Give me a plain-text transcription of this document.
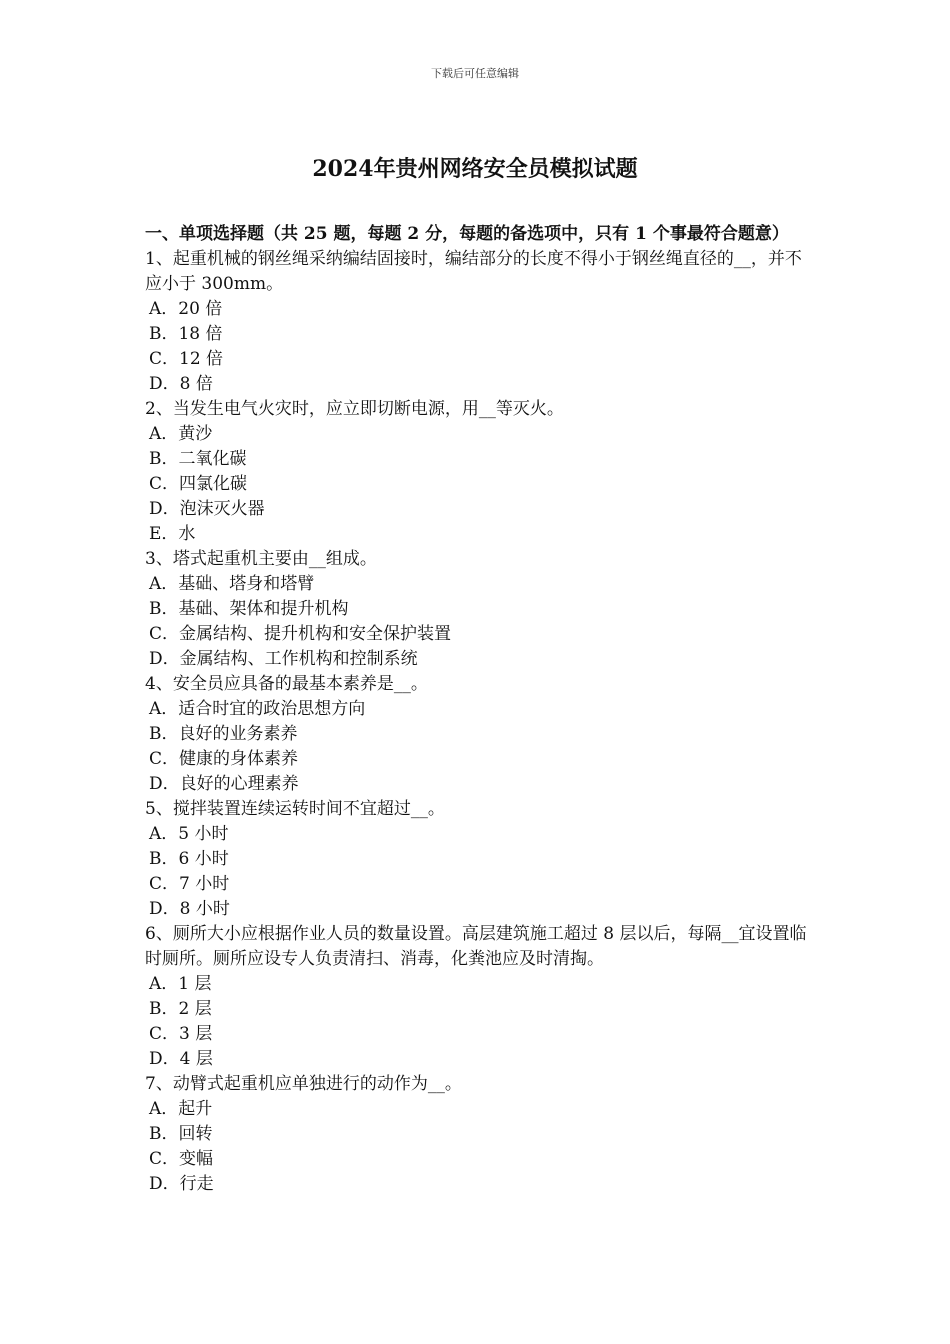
下载后可任意编辑
2024年贵州网络安全员模拟试题

一、单项选择题（共 25 题，每题 2 分，每题的备选项中，只有 1 个事最符合题意）

1、起重机械的钢丝绳采纳编结固接时，编结部分的长度不得小于钢丝绳直径的__，并不应小于 300mm。

A．20 倍
B．18 倍
C．12 倍
D．8 倍

2、当发生电气火灾时，应立即切断电源，用__等灭火。

A．黄沙
B．二氧化碳
C．四氯化碳
D．泡沫灭火器
E．水

3、塔式起重机主要由__组成。

A．基础、塔身和塔臂
B．基础、架体和提升机构
C．金属结构、提升机构和安全保护装置
D．金属结构、工作机构和控制系统

4、安全员应具备的最基本素养是__。

A．适合时宜的政治思想方向
B．良好的业务素养
C．健康的身体素养
D．良好的心理素养

5、搅拌装置连续运转时间不宜超过__。

A．5 小时
B．6 小时
C．7 小时
D．8 小时

6、厕所大小应根据作业人员的数量设置。高层建筑施工超过 8 层以后，每隔__宜设置临时厕所。厕所应设专人负责清扫、消毒，化粪池应及时清掏。

A．1 层
B．2 层
C．3 层
D．4 层

7、动臂式起重机应单独进行的动作为__。

A．起升
B．回转
C．变幅
D．行走
